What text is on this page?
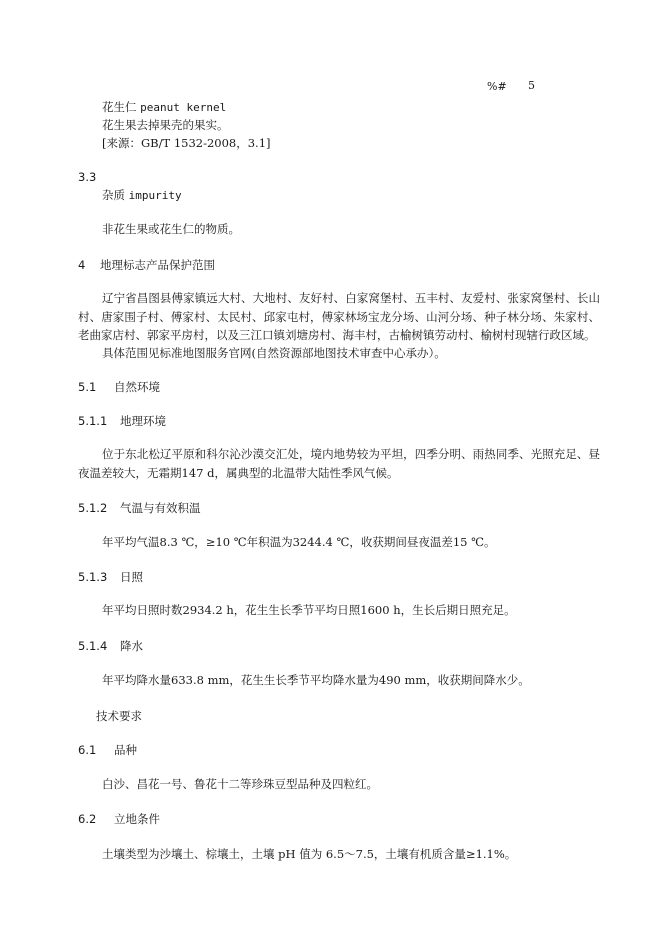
%# 5
花生仁 peanut kernel
花生果去掉果壳的果实。
[来源：GB/T 1532-2008，3.1]
3.3
杂质 impurity
非花生果或花生仁的物质。
4 地理标志产品保护范围
辽宁省昌图县傅家镇远大村、大地村、友好村、白家窝堡村、五丰村、友爱村、张家窝堡村、长山村、唐家围子村、傅家村、太民村、邱家屯村，傅家林场宝龙分场、山河分场、种子林分场、朱家村、老曲家店村、郭家平房村，以及三江口镇刘塘房村、海丰村，古榆树镇劳动村、榆树村现辖行政区域。
具体范围见标准地图服务官网(自然资源部地图技术审查中心承办）。
5.1 自然环境
5.1.1 地理环境
位于东北松辽平原和科尔沁沙漠交汇处，境内地势较为平坦，四季分明、雨热同季、光照充足、昼夜温差较大，无霜期147 d，属典型的北温带大陆性季风气候。
5.1.2 气温与有效积温
年平均气温8.3 ℃，≥10 ℃年积温为3244.4 ℃，收获期间昼夜温差15 ℃。
5.1.3 日照
年平均日照时数2934.2 h，花生生长季节平均日照1600 h，生长后期日照充足。
5.1.4 降水
年平均降水量633.8 mm，花生生长季节平均降水量为490 mm，收获期间降水少。
技术要求
6.1 品种
白沙、昌花一号、鲁花十二等珍珠豆型品种及四粒红。
6.2 立地条件
土壤类型为沙壤土、棕壤土，土壤 pH 值为 6.5～7.5，土壤有机质含量≥1.1%。
